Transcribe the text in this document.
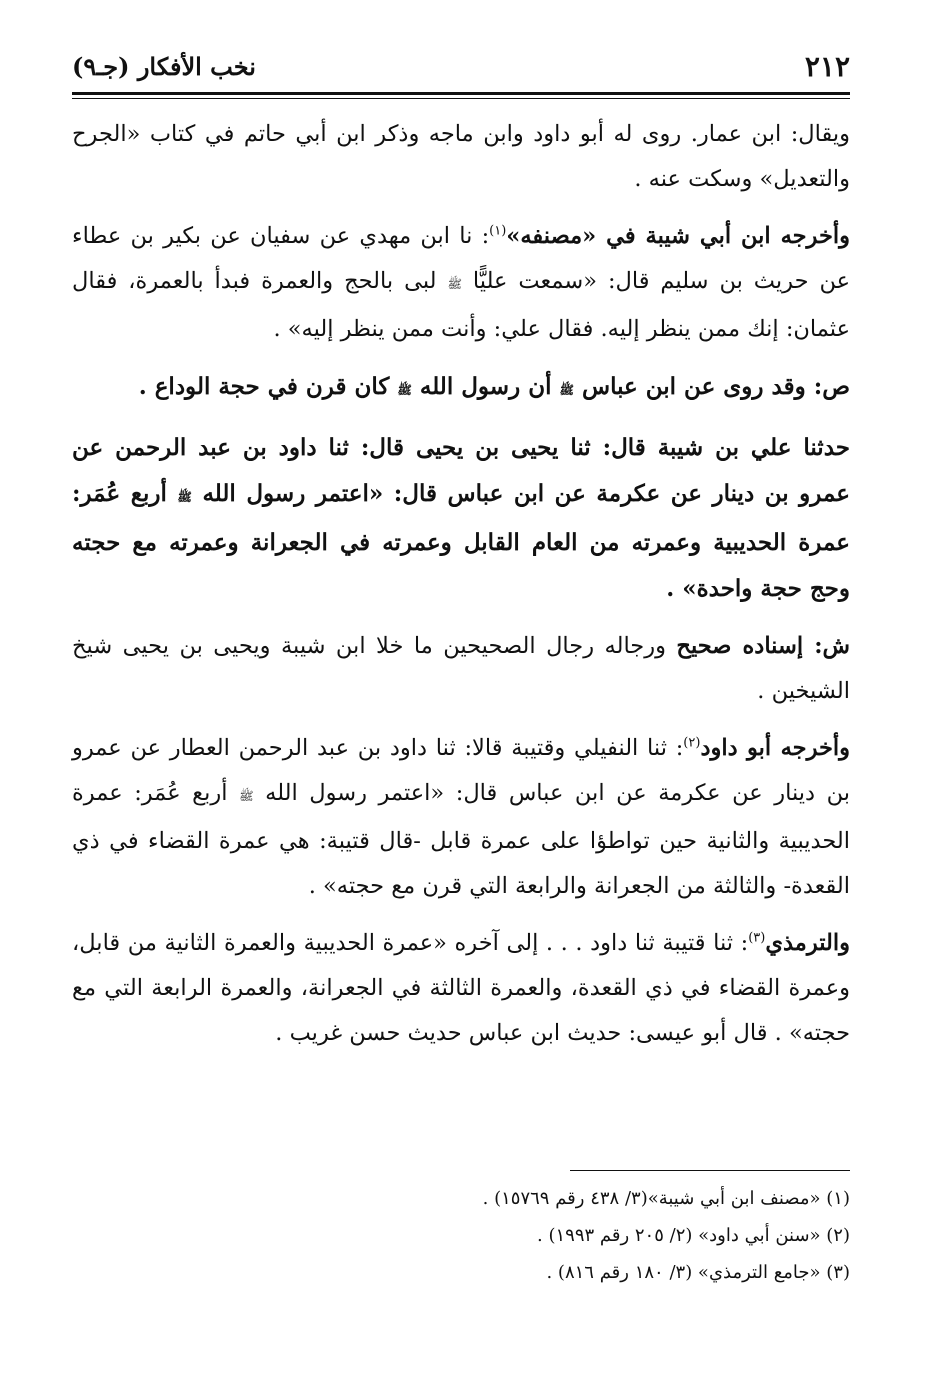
٢١٢
نخب الأفكار (جـ٩)

ويقال: ابن عمار. روى له أبو داود وابن ماجه وذكر ابن أبي حاتم في كتاب «الجرح والتعديل» وسكت عنه .

وأخرجه ابن أبي شيبة في «مصنفه»$^{(١)}$: نا ابن مهدي عن سفيان عن بكير بن عطاء عن حريث بن سليم قال: «سمعت عليًّا ﷺ لبى بالحج والعمرة فبدأ بالعمرة، فقال عثمان: إنك ممن ينظر إليه. فقال علي: وأنت ممن ينظر إليه» .

ص: وقد روى عن ابن عباس ﷺ أن رسول الله ﷺ كان قرن في حجة الوداع .

حدثنا علي بن شيبة قال: ثنا يحيى بن يحيى قال: ثنا داود بن عبد الرحمن عن عمرو بن دينار عن عكرمة عن ابن عباس قال: «اعتمر رسول الله ﷺ أربع عُمَر: عمرة الحديبية وعمرته من العام القابل وعمرته في الجعرانة وعمرته مع حجته وحج حجة واحدة» .

ش: إسناده صحيح ورجاله رجال الصحيحين ما خلا ابن شيبة ويحيى بن يحيى شيخ الشيخين .

وأخرجه أبو داود$^{(٢)}$: ثنا النفيلي وقتيبة قالا: ثنا داود بن عبد الرحمن العطار عن عمرو بن دينار عن عكرمة عن ابن عباس قال: «اعتمر رسول الله ﷺ أربع عُمَر: عمرة الحديبية والثانية حين تواطؤا على عمرة قابل -قال قتيبة: هي عمرة القضاء في ذي القعدة- والثالثة من الجعرانة والرابعة التي قرن مع حجته» .

والترمذي$^{(٣)}$: ثنا قتيبة ثنا داود . . . إلى آخره «عمرة الحديبية والعمرة الثانية من قابل، وعمرة القضاء في ذي القعدة، والعمرة الثالثة في الجعرانة، والعمرة الرابعة التي مع حجته» . قال أبو عيسى: حديث ابن عباس حديث حسن غريب .

(١) «مصنف ابن أبي شيبة»(٣/ ٤٣٨ رقم ١٥٧٦٩) .

(٢) «سنن أبي داود» (٢/ ٢٠٥ رقم ١٩٩٣) .

(٣) «جامع الترمذي» (٣/ ١٨٠ رقم ٨١٦) .
